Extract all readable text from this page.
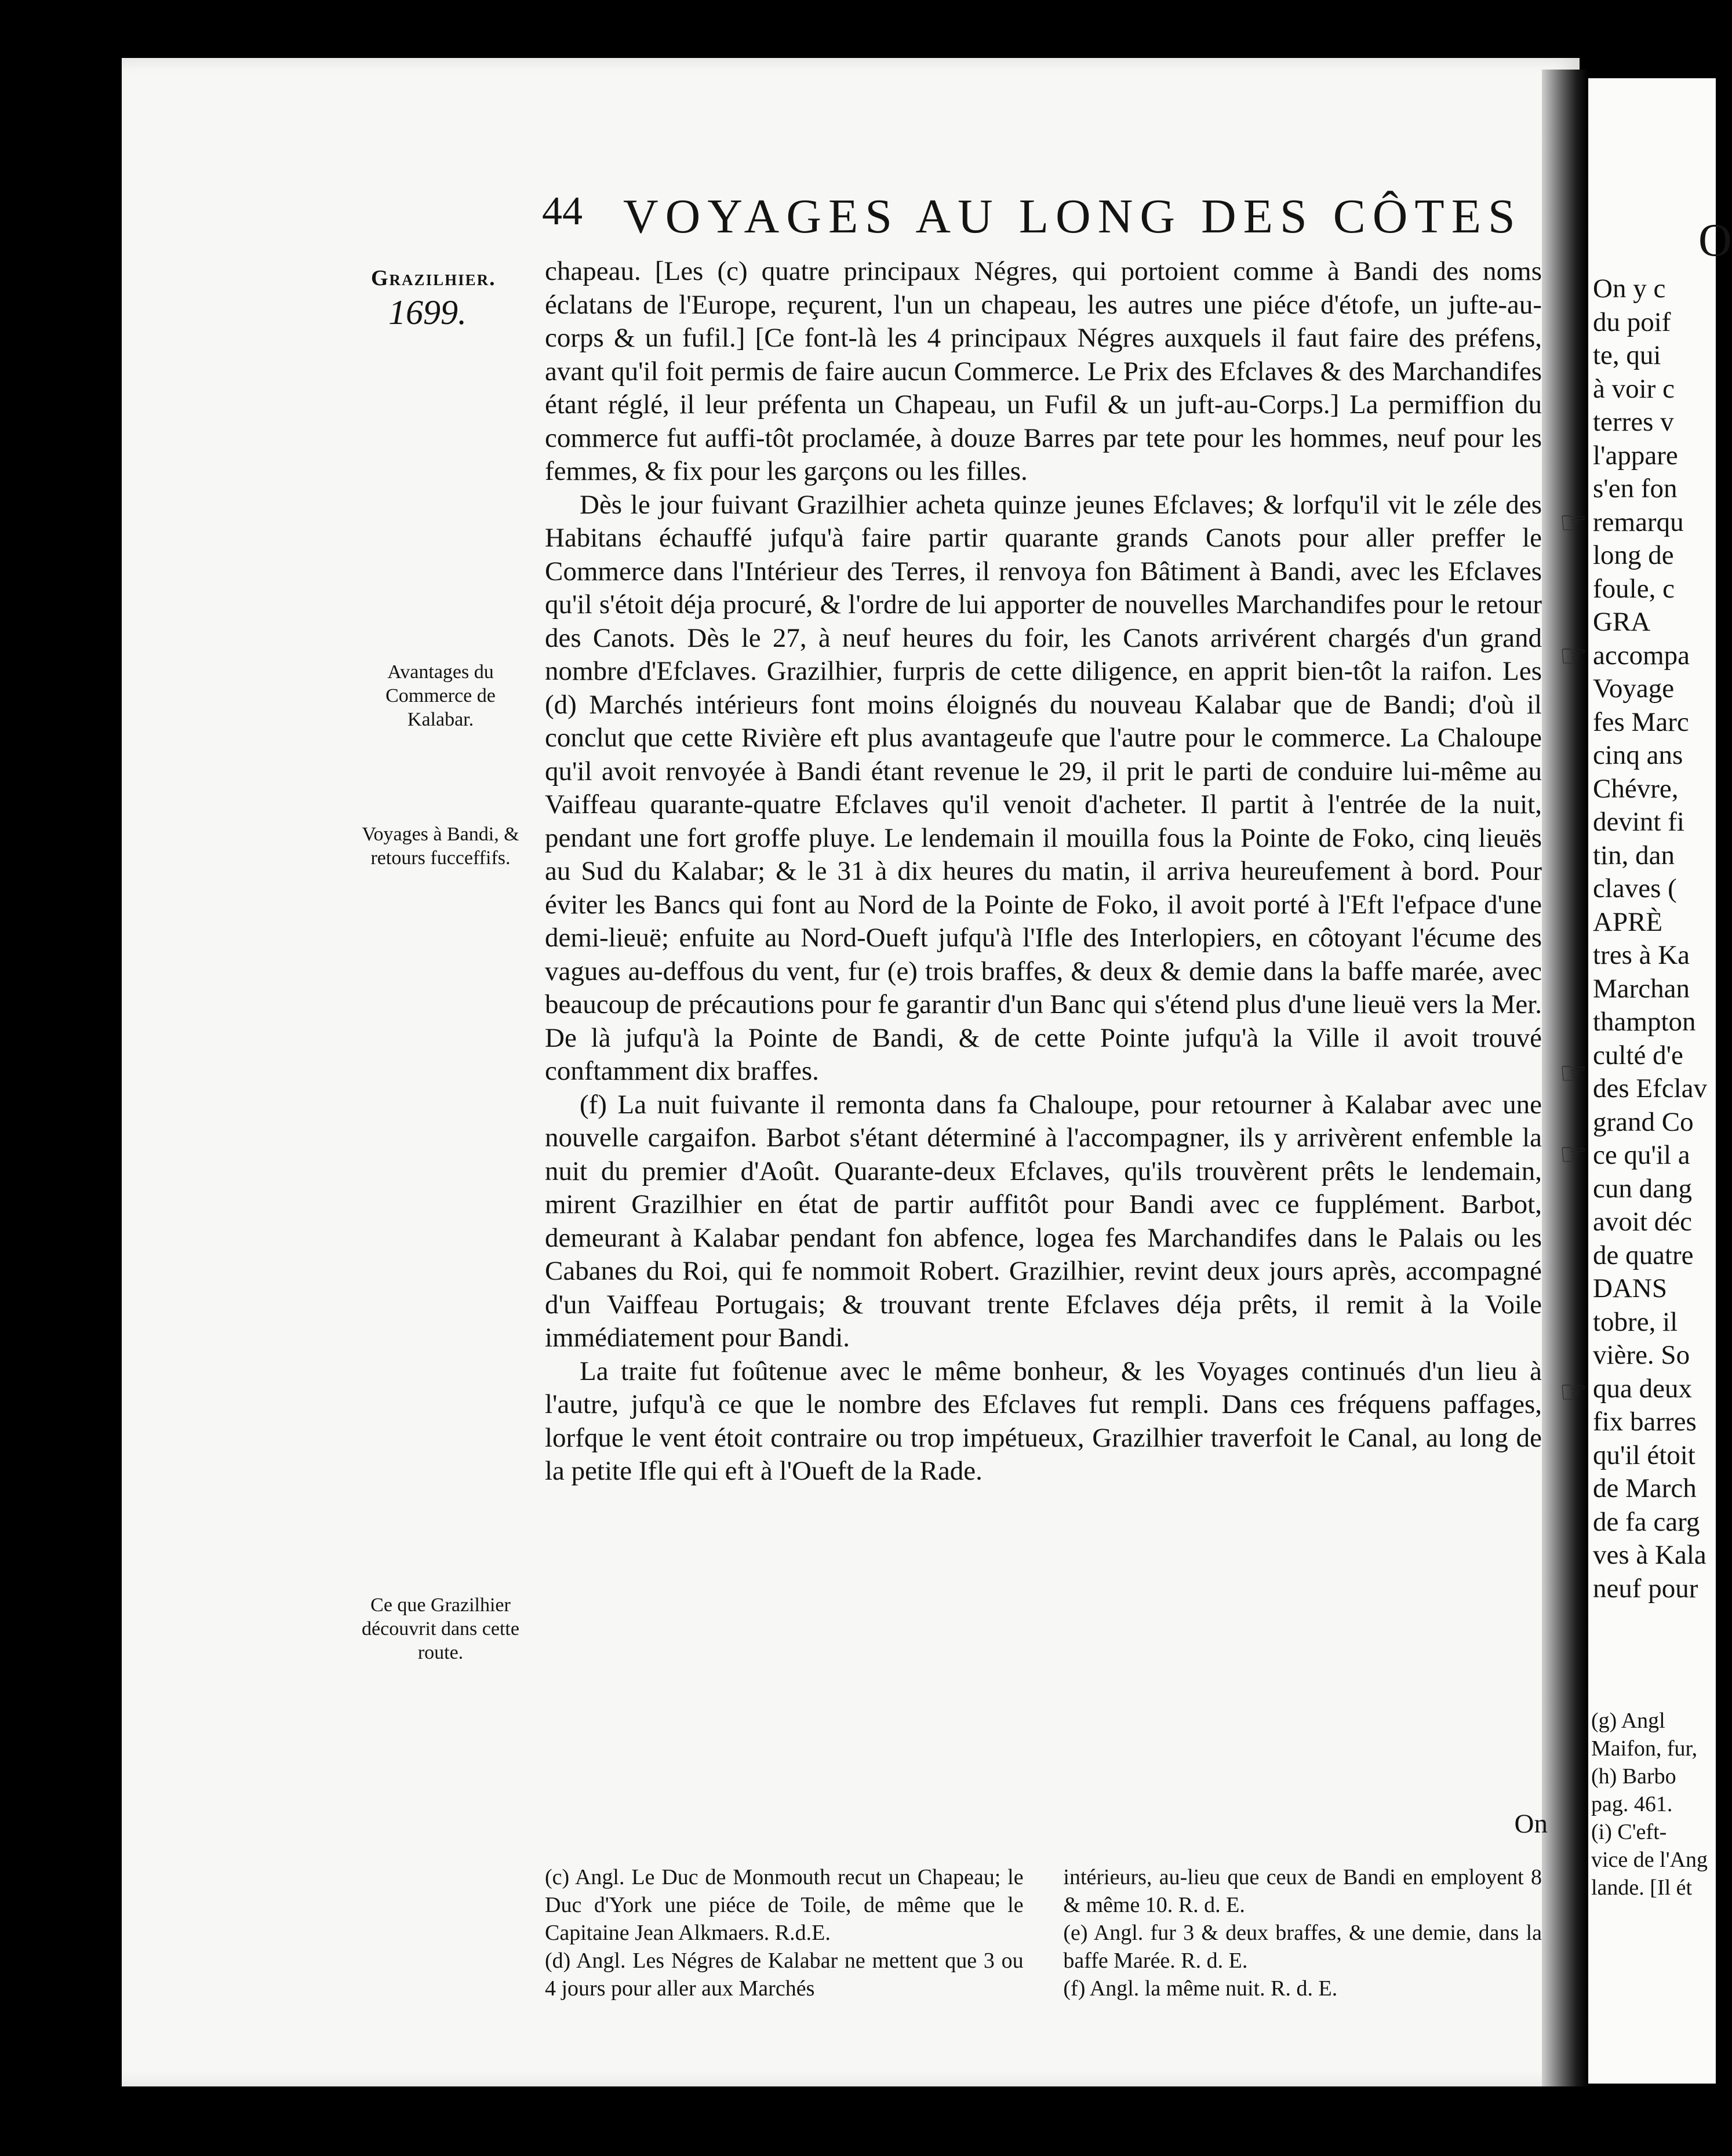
44 VOYAGES AU LONG DES CÔTES
Grazilhier.
1699.
Avantages du Commerce de Kalabar.
Voyages à Bandi, & retours fucceffifs.
Ce que Grazilhier découvrit dans cette route.

chapeau. [Les (c) quatre principaux Négres, qui portoient comme à Bandi des noms éclatans de l'Europe, reçurent, l'un un chapeau, les autres une piéce d'étofe, un jufte-au-corps & un fufil.] [Ce font-là les 4 principaux Négres auxquels il faut faire des préfens, avant qu'il foit permis de faire aucun Commerce. Le Prix des Efclaves & des Marchandifes étant réglé, il leur préfenta un Chapeau, un Fufil & un juft-au-Corps.] La permiffion du commerce fut auffi-tôt proclamée, à douze Barres par tete pour les hommes, neuf pour les femmes, & fix pour les garçons ou les filles.

Dès le jour fuivant Grazilhier acheta quinze jeunes Efclaves; & lorfqu'il vit le zéle des Habitans échauffé jufqu'à faire partir quarante grands Canots pour aller preffer le Commerce dans l'Intérieur des Terres, il renvoya fon Bâtiment à Bandi, avec les Efclaves qu'il s'étoit déja procuré, & l'ordre de lui apporter de nouvelles Marchandifes pour le retour des Canots. Dès le 27, à neuf heures du foir, les Canots arrivérent chargés d'un grand nombre d'Efclaves. Grazilhier, furpris de cette diligence, en apprit bien-tôt la raifon. Les (d) Marchés intérieurs font moins éloignés du nouveau Kalabar que de Bandi; d'où il conclut que cette Rivière eft plus avantageufe que l'autre pour le commerce. La Chaloupe qu'il avoit renvoyée à Bandi étant revenue le 29, il prit le parti de conduire lui-même au Vaiffeau quarante-quatre Efclaves qu'il venoit d'acheter. Il partit à l'entrée de la nuit, pendant une fort groffe pluye. Le lendemain il mouilla fous la Pointe de Foko, cinq lieuës au Sud du Kalabar; & le 31 à dix heures du matin, il arriva heureufement à bord. Pour éviter les Bancs qui font au Nord de la Pointe de Foko, il avoit porté à l'Eft l'efpace d'une demi-lieuë; enfuite au Nord-Oueft jufqu'à l'Ifle des Interlopiers, en côtoyant l'écume des vagues au-deffous du vent, fur (e) trois braffes, & deux & demie dans la baffe marée, avec beaucoup de précautions pour fe garantir d'un Banc qui s'étend plus d'une lieuë vers la Mer. De là jufqu'à la Pointe de Bandi, & de cette Pointe jufqu'à la Ville il avoit trouvé conftamment dix braffes.

(f) La nuit fuivante il remonta dans fa Chaloupe, pour retourner à Kalabar avec une nouvelle cargaifon. Barbot s'étant déterminé à l'accompagner, ils y arrivèrent enfemble la nuit du premier d'Août. Quarante-deux Efclaves, qu'ils trouvèrent prêts le lendemain, mirent Grazilhier en état de partir auffitôt pour Bandi avec ce fupplément. Barbot, demeurant à Kalabar pendant fon abfence, logea fes Marchandifes dans le Palais ou les Cabanes du Roi, qui fe nommoit Robert. Grazilhier, revint deux jours après, accompagné d'un Vaiffeau Portugais; & trouvant trente Efclaves déja prêts, il remit à la Voile immédiatement pour Bandi.

La traite fut foûtenue avec le même bonheur, & les Voyages continués d'un lieu à l'autre, jufqu'à ce que le nombre des Efclaves fut rempli. Dans ces fréquens paffages, lorfque le vent étoit contraire ou trop impétueux, Grazilhier traverfoit le Canal, au long de la petite Ifle qui eft à l'Oueft de la Rade.

On

(c) Angl. Le Duc de Monmouth recut un Chapeau; le Duc d'York une piéce de Toile, de même que le Capitaine Jean Alkmaers. R.d.E.

(d) Angl. Les Négres de Kalabar ne mettent que 3 ou 4 jours pour aller aux Marchés

intérieurs, au-lieu que ceux de Bandi en employent 8 & même 10. R. d. E.

(e) Angl. fur 3 & deux braffes, & une demie, dans la baffe Marée. R. d. E.

(f) Angl. la même nuit. R. d. E.

O
On y c
du poif
te, qui
à voir c
terres v
l'appare
s'en fon
remarqu
long de
foule, c
GRA
accompa
Voyage
fes Marc
cinq ans
Chévre,
devint fi
tin, dan
claves (
APRÈ
tres à Ka
Marchan
thampton
culté d'e
des Efclav
grand Co
ce qu'il a
cun dang
avoit déc
de quatre
DANS
tobre, il
vière. So
qua deux
fix barres
qu'il étoit
de March
de fa carg
ves à Kala
neuf pour
(g) Angl
Maifon, fur,
(h) Barbo
pag. 461.
(i) C'eft-
vice de l'Ang
lande. [Il ét
☞
☞
☞
☞
☞
